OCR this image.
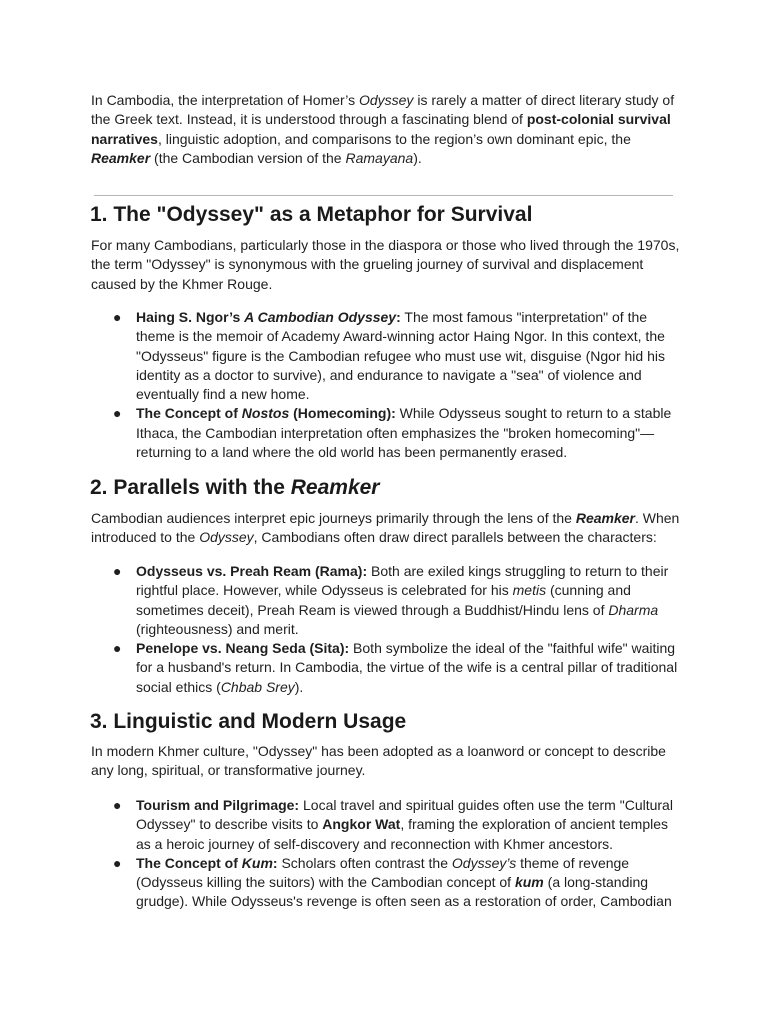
In Cambodia, the interpretation of Homer’s Odyssey is rarely a matter of direct literary study of the Greek text. Instead, it is understood through a fascinating blend of post-colonial survival narratives, linguistic adoption, and comparisons to the region’s own dominant epic, the Reamker (the Cambodian version of the Ramayana).

1. The "Odyssey" as a Metaphor for Survival

For many Cambodians, particularly those in the diaspora or those who lived through the 1970s, the term "Odyssey" is synonymous with the grueling journey of survival and displacement caused by the Khmer Rouge.

● Haing S. Ngor’s A Cambodian Odyssey: The most famous "interpretation" of the theme is the memoir of Academy Award-winning actor Haing Ngor. In this context, the "Odysseus" figure is the Cambodian refugee who must use wit, disguise (Ngor hid his identity as a doctor to survive), and endurance to navigate a "sea" of violence and eventually find a new home.
● The Concept of Nostos (Homecoming): While Odysseus sought to return to a stable Ithaca, the Cambodian interpretation often emphasizes the "broken homecoming"—returning to a land where the old world has been permanently erased.
2. Parallels with the Reamker

Cambodian audiences interpret epic journeys primarily through the lens of the Reamker. When introduced to the Odyssey, Cambodians often draw direct parallels between the characters:

● Odysseus vs. Preah Ream (Rama): Both are exiled kings struggling to return to their rightful place. However, while Odysseus is celebrated for his metis (cunning and sometimes deceit), Preah Ream is viewed through a Buddhist/Hindu lens of Dharma (righteousness) and merit.
● Penelope vs. Neang Seda (Sita): Both symbolize the ideal of the "faithful wife" waiting for a husband's return. In Cambodia, the virtue of the wife is a central pillar of traditional social ethics (Chbab Srey).
3. Linguistic and Modern Usage

In modern Khmer culture, "Odyssey" has been adopted as a loanword or concept to describe any long, spiritual, or transformative journey.

● Tourism and Pilgrimage: Local travel and spiritual guides often use the term "Cultural Odyssey" to describe visits to Angkor Wat, framing the exploration of ancient temples as a heroic journey of self-discovery and reconnection with Khmer ancestors.
● The Concept of Kum: Scholars often contrast the Odyssey’s theme of revenge (Odysseus killing the suitors) with the Cambodian concept of kum (a long-standing grudge). While Odysseus's revenge is often seen as a restoration of order, Cambodian
